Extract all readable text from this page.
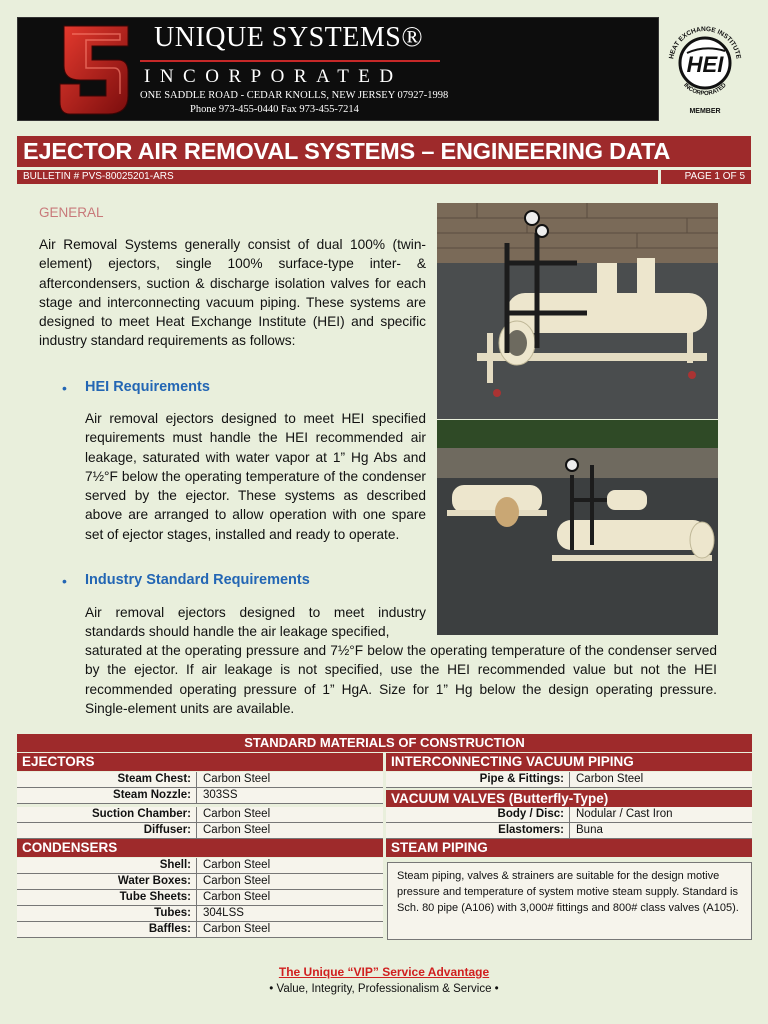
UNIQUE SYSTEMS®
INCORPORATED
ONE SADDLE ROAD - CEDAR KNOLLS, NEW JERSEY 07927-1998
Phone 973-455-0440 Fax 973-455-7214
HEI
HEAT EXCHANGE INSTITUTE
INCORPORATED
MEMBER
EJECTOR AIR REMOVAL SYSTEMS – ENGINEERING DATA
BULLETIN # PVS-80025201-ARS	PAGE 1 OF 5
GENERAL

Air Removal Systems generally consist of dual 100% (twin-element) ejectors, single 100% surface-type inter- & aftercondensers, suction & discharge isolation valves for each stage and interconnecting vacuum piping. These systems are designed to meet Heat Exchange Institute (HEI) and specific industry standard requirements as follows:

• HEI Requirements

Air removal ejectors designed to meet HEI specified requirements must handle the HEI recommended air leakage, saturated with water vapor at 1” Hg Abs and 7½°F below the operating temperature of the condenser served by the ejector. These systems as described above are arranged to allow operation with one spare set of ejector stages, installed and ready to operate.

• Industry Standard Requirements

Air removal ejectors designed to meet industry standards should handle the air leakage specified,

saturated at the operating pressure and 7½°F below the operating temperature of the condenser served by the ejector. If air leakage is not specified, use the HEI recommended value but not the HEI recommended operating pressure of 1” HgA. Size for 1” Hg below the design operating pressure. Single-element units are available.

STANDARD MATERIALS OF CONSTRUCTION
EJECTORS
Steam Chest:	Carbon Steel
Steam Nozzle:	303SS
Suction Chamber:	Carbon Steel
Diffuser:	Carbon Steel
CONDENSERS
Shell:	Carbon Steel
Water Boxes:	Carbon Steel
Tube Sheets:	Carbon Steel
Tubes:	304LSS
Baffles:	Carbon Steel
INTERCONNECTING VACUUM PIPING
Pipe & Fittings:	Carbon Steel
VACUUM VALVES (Butterfly-Type)
Body / Disc:	Nodular / Cast Iron
Elastomers:	Buna
STEAM PIPING
Steam piping, valves & strainers are suitable for the design motive pressure and temperature of system motive steam supply. Standard is Sch. 80 pipe (A106) with 3,000# fittings and 800# class valves (A105).
The Unique “VIP” Service Advantage
• Value, Integrity, Professionalism & Service •
